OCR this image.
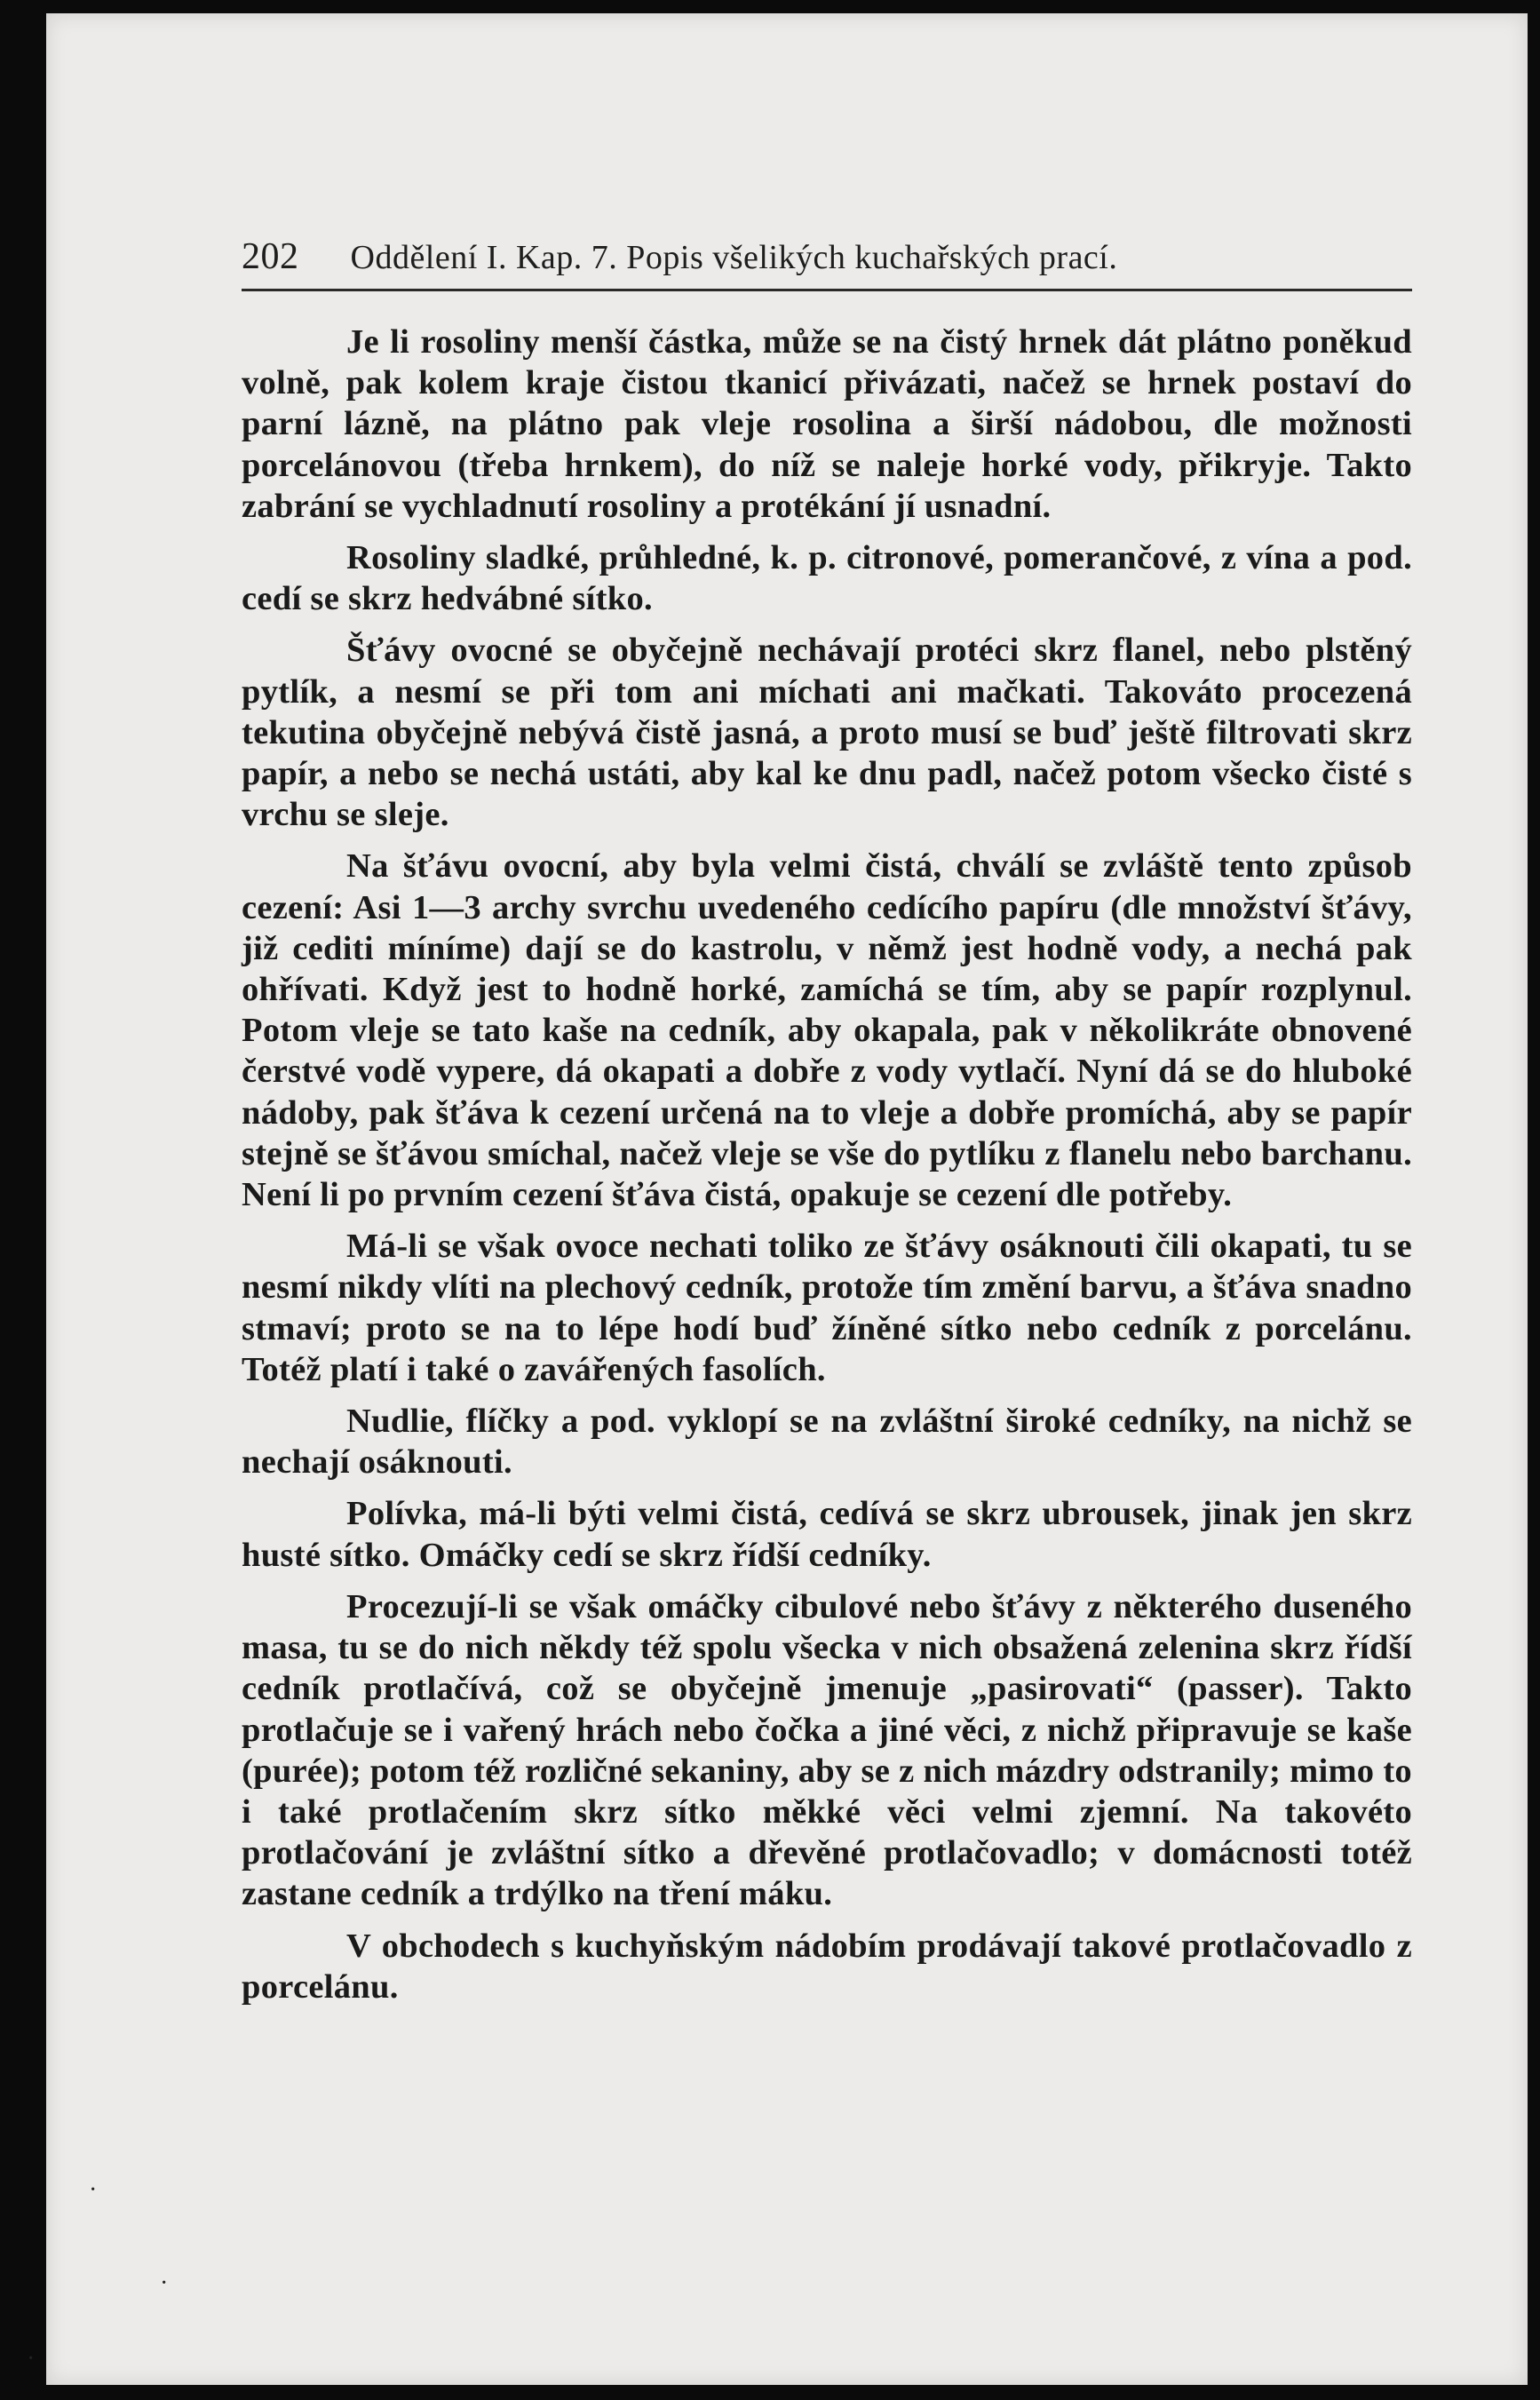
202 Oddělení I. Kap. 7. Popis všelikých kuchařských prací.

Je li rosoliny menší částka, může se na čistý hrnek dát plátno poněkud volně, pak kolem kraje čistou tkanicí přivázati, načež se hrnek postaví do parní lázně, na plátno pak vleje rosolina a širší nádobou, dle možnosti porcelánovou (třeba hrnkem), do níž se naleje horké vody, přikryje. Takto zabrání se vychladnutí rosoliny a protékání jí usnadní.

Rosoliny sladké, průhledné, k. p. citronové, pomerančové, z vína a pod. cedí se skrz hedvábné sítko.

Šťávy ovocné se obyčejně nechávají protéci skrz flanel, nebo plstěný pytlík, a nesmí se při tom ani míchati ani mačkati. Takováto procezená tekutina obyčejně nebývá čistě jasná, a proto musí se buď ještě filtrovati skrz papír, a nebo se nechá ustáti, aby kal ke dnu padl, načež potom všecko čisté s vrchu se sleje.

Na šťávu ovocní, aby byla velmi čistá, chválí se zvláště tento způsob cezení: Asi 1—3 archy svrchu uvedeného cedícího papíru (dle množství šťávy, již cediti míníme) dají se do kastrolu, v němž jest hodně vody, a nechá pak ohřívati. Když jest to hodně horké, zamíchá se tím, aby se papír rozplynul. Potom vleje se tato kaše na cedník, aby okapala, pak v několikráte obnovené čerstvé vodě vypere, dá okapati a dobře z vody vytlačí. Nyní dá se do hluboké nádoby, pak šťáva k cezení určená na to vleje a dobře promíchá, aby se papír stejně se šťávou smíchal, načež vleje se vše do pytlíku z flanelu nebo barchanu. Není li po prvním cezení šťáva čistá, opakuje se cezení dle potřeby.

Má-li se však ovoce nechati toliko ze šťávy osáknouti čili okapati, tu se nesmí nikdy vlíti na plechový cedník, protože tím změní barvu, a šťáva snadno stmaví; proto se na to lépe hodí buď žíněné sítko nebo cedník z porcelánu. Totéž platí i také o zavářených fasolích.

Nudlie, flíčky a pod. vyklopí se na zvláštní široké cedníky, na nichž se nechají osáknouti.

Polívka, má-li býti velmi čistá, cedívá se skrz ubrousek, jinak jen skrz husté sítko. Omáčky cedí se skrz řídší cedníky.

Procezují-li se však omáčky cibulové nebo šťávy z některého duseného masa, tu se do nich někdy též spolu všecka v nich obsažená zelenina skrz řídší cedník protlačívá, což se obyčejně jmenuje „pasirovati“ (passer). Takto protlačuje se i vařený hrách nebo čočka a jiné věci, z nichž připravuje se kaše (purée); potom též rozličné sekaniny, aby se z nich mázdry odstranily; mimo to i také protlačením skrz sítko měkké věci velmi zjemní. Na takovéto protlačování je zvláštní sítko a dřevěné protlačovadlo; v domácnosti totéž zastane cedník a trdýlko na tření máku.

V obchodech s kuchyňským nádobím prodávají takové protlačovadlo z porcelánu.

·
·
·
